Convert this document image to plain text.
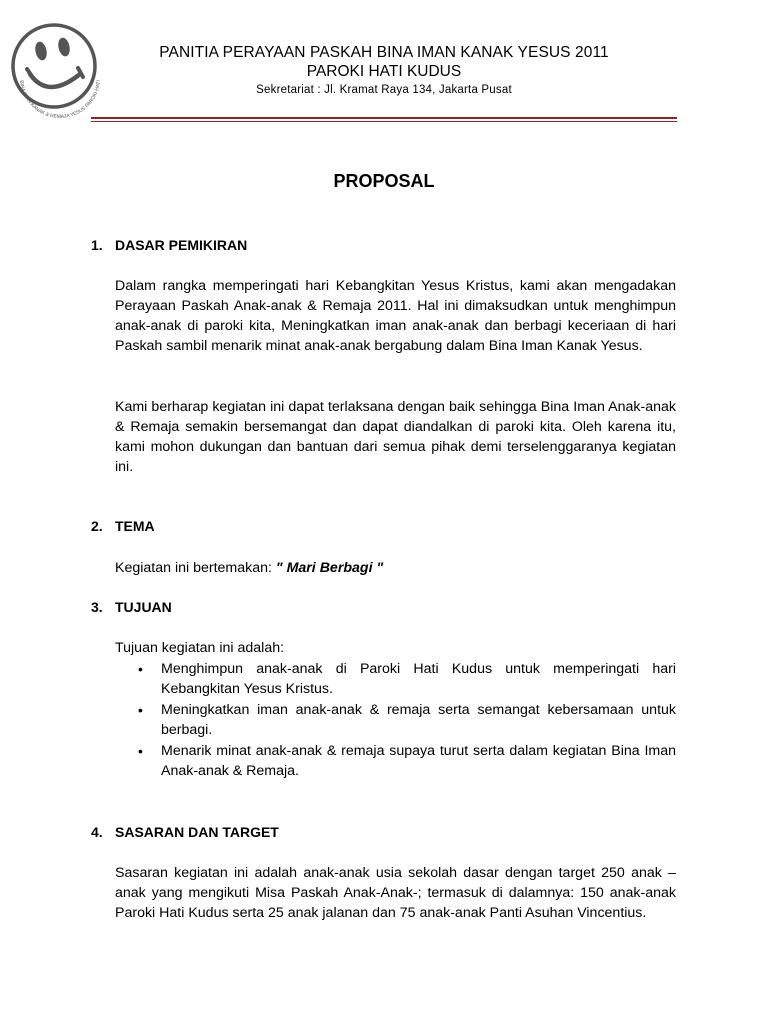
BINA IMAN KANAK & REMAJA YESUS PAROKI HATI
PANITIA PERAYAAN PASKAH BINA IMAN KANAK YESUS 2011
PAROKI HATI KUDUS
Sekretariat : Jl. Kramat Raya 134, Jakarta Pusat
PROPOSAL
1. DASAR PEMIKIRAN

Dalam rangka memperingati hari Kebangkitan Yesus Kristus, kami akan mengadakan Perayaan Paskah Anak-anak & Remaja 2011. Hal ini dimaksudkan untuk menghimpun anak-anak di paroki kita, Meningkatkan iman anak-anak dan berbagi keceriaan di hari Paskah sambil menarik minat anak-anak bergabung dalam Bina Iman Kanak Yesus.

Kami berharap kegiatan ini dapat terlaksana dengan baik sehingga Bina Iman Anak-anak & Remaja semakin bersemangat dan dapat diandalkan di paroki kita. Oleh karena itu, kami mohon dukungan dan bantuan dari semua pihak demi terselenggaranya kegiatan ini.

2. TEMA
Kegiatan ini bertemakan: " Mari Berbagi "
3. TUJUAN
Tujuan kegiatan ini adalah:
• Menghimpun anak-anak di Paroki Hati Kudus untuk memperingati hari Kebangkitan Yesus Kristus.
• Meningkatkan iman anak-anak & remaja serta semangat kebersamaan untuk berbagi.
• Menarik minat anak-anak & remaja supaya turut serta dalam kegiatan Bina Iman Anak-anak & Remaja.
4. SASARAN DAN TARGET

Sasaran kegiatan ini adalah anak-anak usia sekolah dasar dengan target 250 anak –anak yang mengikuti Misa Paskah Anak-Anak-; termasuk di dalamnya: 150 anak-anak Paroki Hati Kudus serta 25 anak jalanan dan 75 anak-anak Panti Asuhan Vincentius.
